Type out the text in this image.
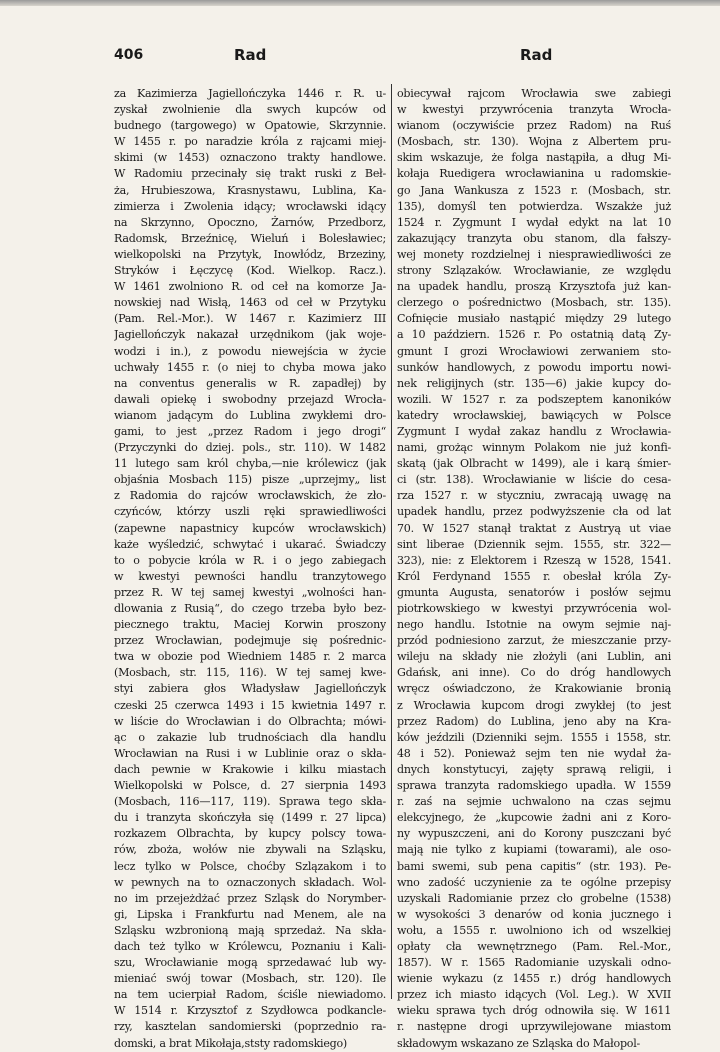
406	Rad	Rad
za Kazimierza Jagiellończyka 1446 r. R. u-
zyskał zwolnienie dla swych kupców od
budnego (targowego) w Opatowie, Skrzynnie.
W 1455 r. po naradzie króla z rajcami miej-
skimi (w 1453) oznaczono trakty handlowe.
W Radomiu przecinały się trakt ruski z Beł-
ża, Hrubieszowa, Krasnystawu, Lublina, Ka-
zimierza i Zwolenia idący; wrocławski idący
na Skrzynno, Opoczno, Żarnów, Przedborz,
Radomsk, Brzeźnicę, Wieluń i Bolesławiec;
wielkopolski na Przytyk, Inowłódz, Brzeziny,
Stryków i Łęczycę (Kod. Wielkop. Racz.).
W 1461 zwolniono R. od ceł na komorze Ja-
nowskiej nad Wisłą, 1463 od ceł w Przytyku
(Pam. Rel.-Mor.). W 1467 r. Kazimierz III
Jagiellończyk nakazał urzędnikom (jak woje-
wodzi i in.), z powodu niewejścia w życie
uchwały 1455 r. (o niej to chyba mowa jako
na conventus generalis w R. zapadłej) by
dawali opiekę i swobodny przejazd Wrocła-
wianom jadącym do Lublina zwykłemi dro-
gami, to jest „przez Radom i jego drogi“
(Przyczynki do dziej. pols., str. 110). W 1482
11 lutego sam król chyba,—nie królewicz (jak
objaśnia Mosbach 115) pisze „uprzejmy„ list
z Radomia do rajców wrocławskich, że zło-
czyńców, którzy uszli ręki sprawiedliwości
(zapewne napastnicy kupców wrocławskich)
każe wyśledzić, schwytać i ukarać. Świadczy
to o pobycie króla w R. i o jego zabiegach
w kwestyi pewności handlu tranzytowego
przez R. W tej samej kwestyi „wolności han-
dlowania z Rusią“, do czego trzeba było bez-
piecznego traktu, Maciej Korwin proszony
przez Wrocławian, podejmuje się pośrednic-
twa w obozie pod Wiedniem 1485 r. 2 marca
(Mosbach, str. 115, 116). W tej samej kwe-
styi zabiera głos Władysław Jagiellończyk
czeski 25 czerwca 1493 i 15 kwietnia 1497 r.
w liście do Wrocławian i do Olbrachta; mówi-
ąc o zakazie lub trudnościach dla handlu
Wrocławian na Rusi i w Lublinie oraz o skła-
dach pewnie w Krakowie i kilku miastach
Wielkopolski w Polsce, d. 27 sierpnia 1493
(Mosbach, 116—117, 119). Sprawa tego skła-
du i tranzyta skończyła się (1499 r. 27 lipca)
rozkazem Olbrachta, by kupcy polscy towa-
rów, zboża, wołów nie zbywali na Szląsku,
lecz tylko w Polsce, choćby Szlązakom i to
w pewnych na to oznaczonych składach. Wol-
no im przejeżdżać przez Szląsk do Norymber-
gi, Lipska i Frankfurtu nad Menem, ale na
Szląsku wzbronioną mają sprzedaż. Na skła-
dach też tylko w Królewcu, Poznaniu i Kali-
szu, Wrocławianie mogą sprzedawać lub wy-
mieniać swój towar (Mosbach, str. 120). Ile
na tem ucierpiał Radom, ściśle niewiadomo.
W 1514 r. Krzysztof z Szydłowca podkancle-
rzy, kasztelan sandomierski (poprzednio ra-
domski, a brat Mikołaja,ststy radomskiego)
obiecywał rajcom Wrocławia swe zabiegi
w kwestyi przywrócenia tranzyta Wrocła-
wianom (oczywiście przez Radom) na Ruś
(Mosbach, str. 130). Wojna z Albertem pru-
skim wskazuje, że folga nastąpiła, a dług Mi-
kołaja Ruedigera wrocławianina u radomskie-
go Jana Wankusza z 1523 r. (Mosbach, str.
135), domyśl ten potwierdza. Wszakże już
1524 r. Zygmunt I wydał edykt na lat 10
zakazujący tranzyta obu stanom, dla fałszy-
wej monety rozdzielnej i niesprawiedliwości ze
strony Szlązaków. Wrocławianie, ze względu
na upadek handlu, proszą Krzysztofa już kan-
clerzego o pośrednictwo (Mosbach, str. 135).
Cofnięcie musiało nastąpić między 29 lutego
a 10 październ. 1526 r. Po ostatnią datą Zy-
gmunt I grozi Wrocławiowi zerwaniem sto-
sunków handlowych, z powodu importu nowi-
nek religijnych (str. 135—6) jakie kupcy do-
wozili. W 1527 r. za podszeptem kanoników
katedry wrocławskiej, bawiących w Polsce
Zygmunt I wydał zakaz handlu z Wrocławia-
nami, grożąc winnym Polakom nie już konfi-
skatą (jak Olbracht w 1499), ale i karą śmier-
ci (str. 138). Wrocławianie w liście do cesa-
rza 1527 r. w styczniu, zwracają uwagę na
upadek handlu, przez podwyższenie cła od lat
70. W 1527 stanął traktat z Austryą ut viae
sint liberae (Dziennik sejm. 1555, str. 322—
323), nie: z Elektorem i Rzeszą w 1528, 1541.
Król Ferdynand 1555 r. obesłał króla Zy-
gmunta Augusta, senatorów i posłów sejmu
piotrkowskiego w kwestyi przywrócenia wol-
nego handlu. Istotnie na owym sejmie naj-
przód podniesiono zarzut, że mieszczanie przy-
wileju na składy nie złożyli (ani Lublin, ani
Gdańsk, ani inne). Co do dróg handlowych
wręcz oświadczono, że Krakowianie bronią
z Wrocławia kupcom drogi zwykłej (to jest
przez Radom) do Lublina, jeno aby na Kra-
ków jeździli (Dzienniki sejm. 1555 i 1558, str.
48 i 52). Ponieważ sejm ten nie wydał ża-
dnych konstytucyi, zajęty sprawą religii, i
sprawa tranzyta radomskiego upadła. W 1559
r. zaś na sejmie uchwalono na czas sejmu
elekcyjnego, że „kupcowie żadni ani z Koro-
ny wypuszczeni, ani do Korony puszczani być
mają nie tylko z kupiami (towarami), ale oso-
bami swemi, sub pena capitis“ (str. 193). Pe-
wno zadość uczynienie za te ogólne przepisy
uzyskali Radomianie przez cło grobelne (1538)
w wysokości 3 denarów od konia jucznego i
wołu, a 1555 r. uwolniono ich od wszelkiej
opłaty cła wewnętrznego (Pam. Rel.-Mor.,
1857). W r. 1565 Radomianie uzyskali odno-
wienie wykazu (z 1455 r.) dróg handlowych
przez ich miasto idących (Vol. Leg.). W XVII
wieku sprawa tych dróg odnowiła się. W 1611
r. następne drogi uprzywilejowane miastom
składowym wskazano ze Szląska do Małopol-
